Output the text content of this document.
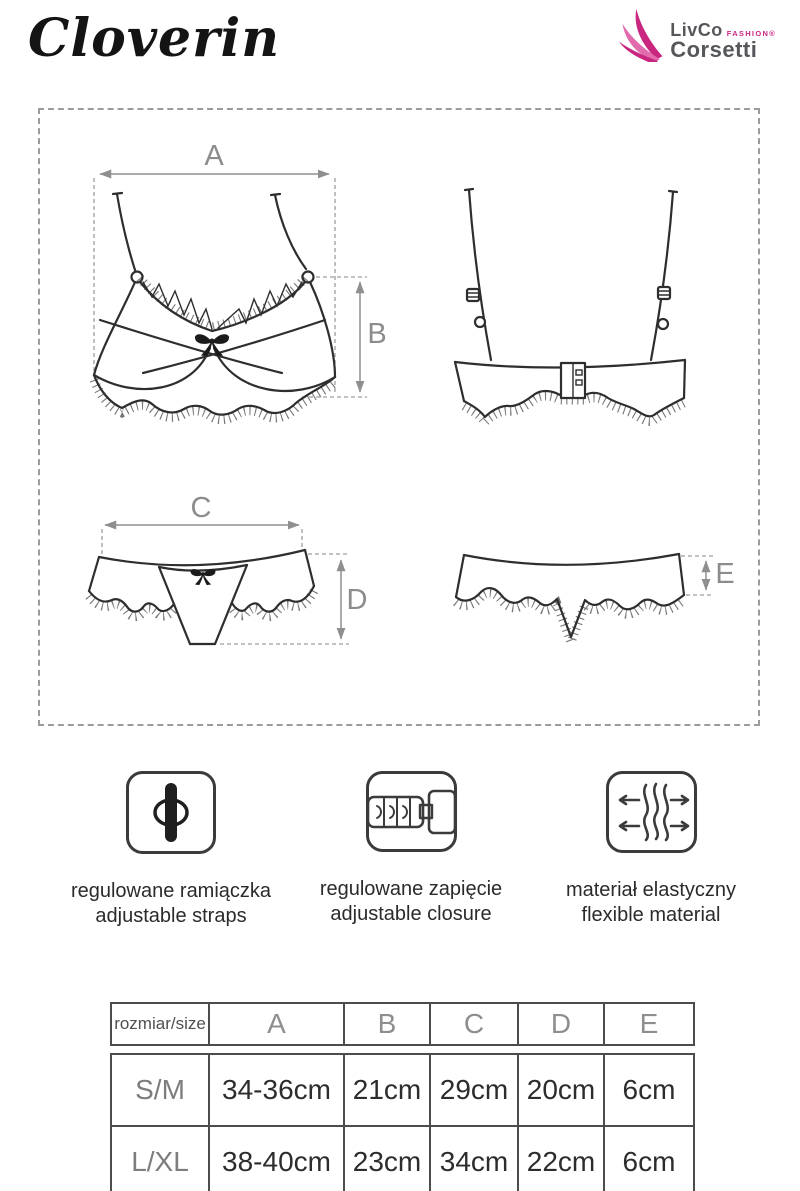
Cloverin	LivCo FASHION®
Corsetti
A
B
C
D
E
regulowane ramiączka
adjustable straps
regulowane zapięcie
adjustable closure
materiał elastyczny
flexible material
rozmiar/size	A	B	C	D	E
S/M	34-36cm	21cm	29cm	20cm	6cm
L/XL	38-40cm	23cm	34cm	22cm	6cm
